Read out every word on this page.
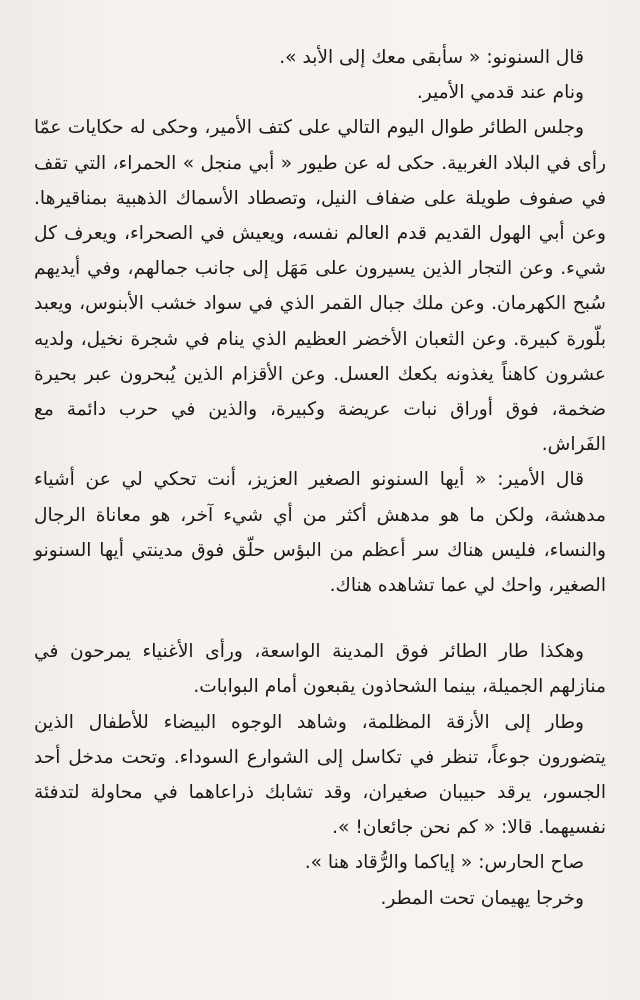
قال السنونو: « سأبقى معك إلى الأبد ».

ونام عند قدمي الأمير.

وجلس الطائر طوال اليوم التالي على كتف الأمير، وحكى له حكايات عمّا رأى في البلاد الغربية. حكى له عن طيور « أبي منجل » الحمراء، التي تقف في صفوف طويلة على ضفاف النيل، وتصطاد الأسماك الذهبية بمناقيرها. وعن أبي الهول القديم قدم العالم نفسه، ويعيش في الصحراء، ويعرف كل شيء. وعن التجار الذين يسيرون على مَهَل إلى جانب جمالهم، وفي أيديهم سُبح الكهرمان. وعن ملك جبال القمر الذي في سواد خشب الأبنوس، ويعبد بلّورة كبيرة. وعن الثعبان الأخضر العظيم الذي ينام في شجرة نخيل، ولديه عشرون كاهناً يغذونه بكعك العسل. وعن الأقزام الذين يُبحرون عبر بحيرة ضخمة، فوق أوراق نبات عريضة وكبيرة، والذين في حرب دائمة مع الفَراش.

قال الأمير: « أيها السنونو الصغير العزيز، أنت تحكي لي عن أشياء مدهشة، ولكن ما هو مدهش أكثر من أي شيء آخر، هو معاناة الرجال والنساء، فليس هناك سر أعظم من البؤس حلّق فوق مدينتي أيها السنونو الصغير، واحك لي عما تشاهده هناك.

وهكذا طار الطائر فوق المدينة الواسعة، ورأى الأغنياء يمرحون في منازلهم الجميلة، بينما الشحاذون يقبعون أمام البوابات.

وطار إلى الأزقة المظلمة، وشاهد الوجوه البيضاء للأطفال الذين يتضورون جوعاً، تنظر في تكاسل إلى الشوارع السوداء. وتحت مدخل أحد الجسور، يرقد حبيبان صغيران، وقد تشابك ذراعاهما في محاولة لتدفئة نفسيهما. قالا: « كم نحن جائعان! ».

صاح الحارس: « إياكما والرُّقاد هنا ».

وخرجا يهيمان تحت المطر.
